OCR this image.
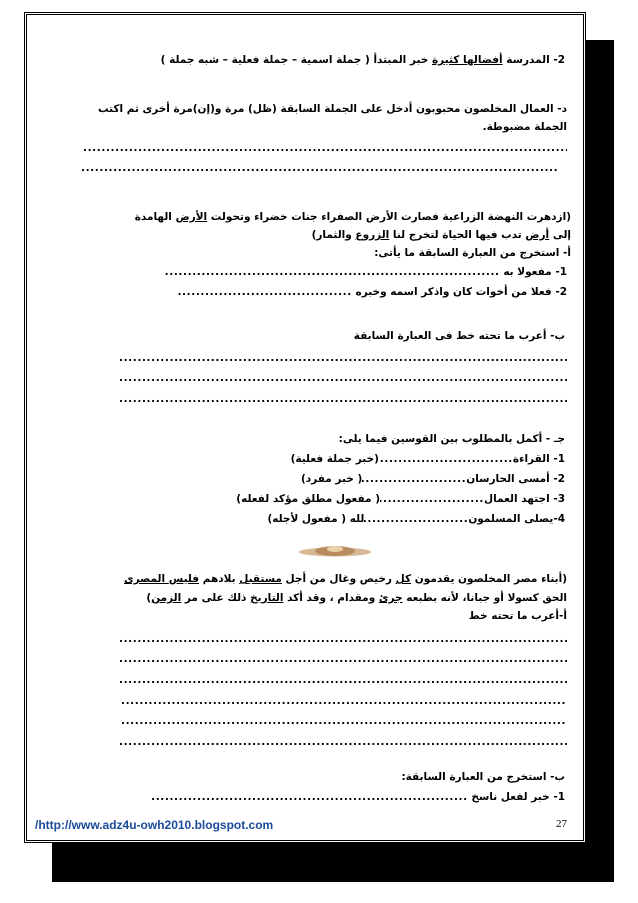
2- المدرسة أفضالها كثيرة خبر المبتدأ ( جملة اسمية – جملة فعلية – شبه جملة )
د- العمال المخلصون محبوبون أدخل على الجملة السابقة (ظل) مرة و(إن)مرة أخرى ثم اكتب
الجملة مضبوطة.
.....
.....
(ازدهرت النهضة الزراعية فصارت الأرض الصفراء جنات خضراء وتحولت الأرض الهامدة
إلى أرض تدب فيها الحياة لتخرج لنا الزروع والثمار)
أ- استخرج من العبارة السابقة ما يأتى:
1- مفعولا به .....
2- فعلا من أخوات كان واذكر اسمه وخبره .....
ب- أعرب ما تحته خط فى العبارة السابقة
.....
.....
.....
جـ - أكمل بالمطلوب بين القوسين فيما يلى:
1- القراءة.....(خبر جملة فعلية)
2- أمسى الحارسان.....( خبر مفرد)
3- اجتهد العمال.....( مفعول مطلق مؤكد لفعله)
4-يصلى المسلمون.....لله ( مفعول لأجله)
(أبناء مصر المخلصون يقدمون كل رخيص وغال من أجل مستقبل بلادهم فليس المصرى
الحق كسولا أو جبانا، لأنه بطبعه جرئ ومقدام ، وقد أكد التاريخ ذلك على مر الزمن)
أ-أعرب ما تحته خط
.....
.....
.....
.....
.....
.....
ب- استخرج من العبارة السابقة:
1- خبر لفعل ناسخ .....
/http://www.adz4u-owh2010.blogspot.com	27
